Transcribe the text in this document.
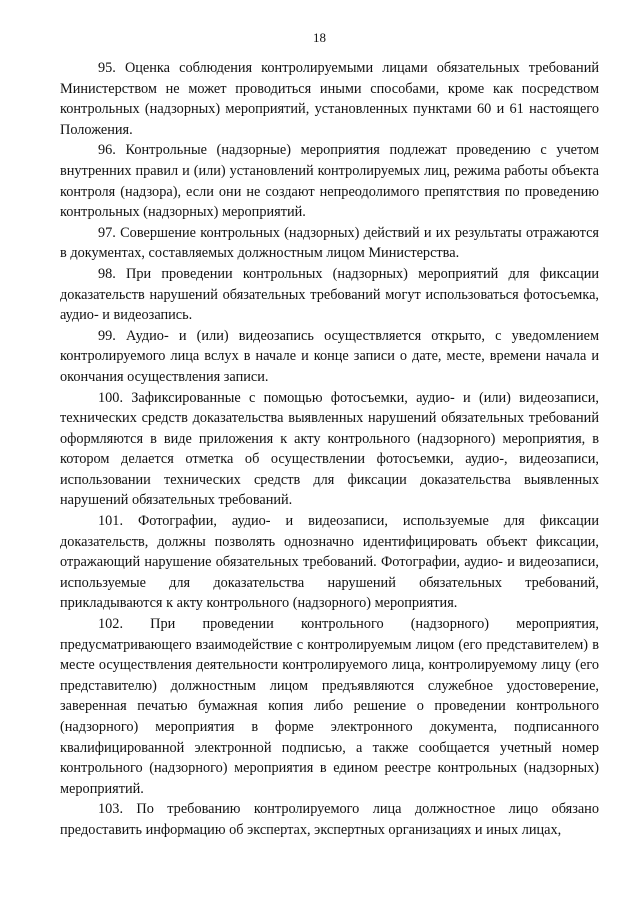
18

95. Оценка соблюдения контролируемыми лицами обязательных требований Министерством не может проводиться иными способами, кроме как посредством контрольных (надзорных) мероприятий, установленных пунктами 60 и 61 настоящего Положения.

96. Контрольные (надзорные) мероприятия подлежат проведению с учетом внутренних правил и (или) установлений контролируемых лиц, режима работы объекта контроля (надзора), если они не создают непреодолимого препятствия по проведению контрольных (надзорных) мероприятий.

97. Совершение контрольных (надзорных) действий и их результаты отражаются в документах, составляемых должностным лицом Министерства.

98. При проведении контрольных (надзорных) мероприятий для фиксации доказательств нарушений обязательных требований могут использоваться фотосъемка, аудио- и видеозапись.

99. Аудио- и (или) видеозапись осуществляется открыто, с уведомлением контролируемого лица вслух в начале и конце записи о дате, месте, времени начала и окончания осуществления записи.

100. Зафиксированные с помощью фотосъемки, аудио- и (или) видеозаписи, технических средств доказательства выявленных нарушений обязательных требований оформляются в виде приложения к акту контрольного (надзорного) мероприятия, в котором делается отметка об осуществлении фотосъемки, аудио-, видеозаписи, использовании технических средств для фиксации доказательства выявленных нарушений обязательных требований.

101. Фотографии, аудио- и видеозаписи, используемые для фиксации доказательств, должны позволять однозначно идентифицировать объект фиксации, отражающий нарушение обязательных требований. Фотографии, аудио- и видеозаписи, используемые для доказательства нарушений обязательных требований, прикладываются к акту контрольного (надзорного) мероприятия.

102. При проведении контрольного (надзорного) мероприятия, предусматривающего взаимодействие с контролируемым лицом (его представителем) в месте осуществления деятельности контролируемого лица, контролируемому лицу (его представителю) должностным лицом предъявляются служебное удостоверение, заверенная печатью бумажная копия либо решение о проведении контрольного (надзорного) мероприятия в форме электронного документа, подписанного квалифицированной электронной подписью, а также сообщается учетный номер контрольного (надзорного) мероприятия в едином реестре контрольных (надзорных) мероприятий.

103. По требованию контролируемого лица должностное лицо обязано предоставить информацию об экспертах, экспертных организациях и иных лицах,
